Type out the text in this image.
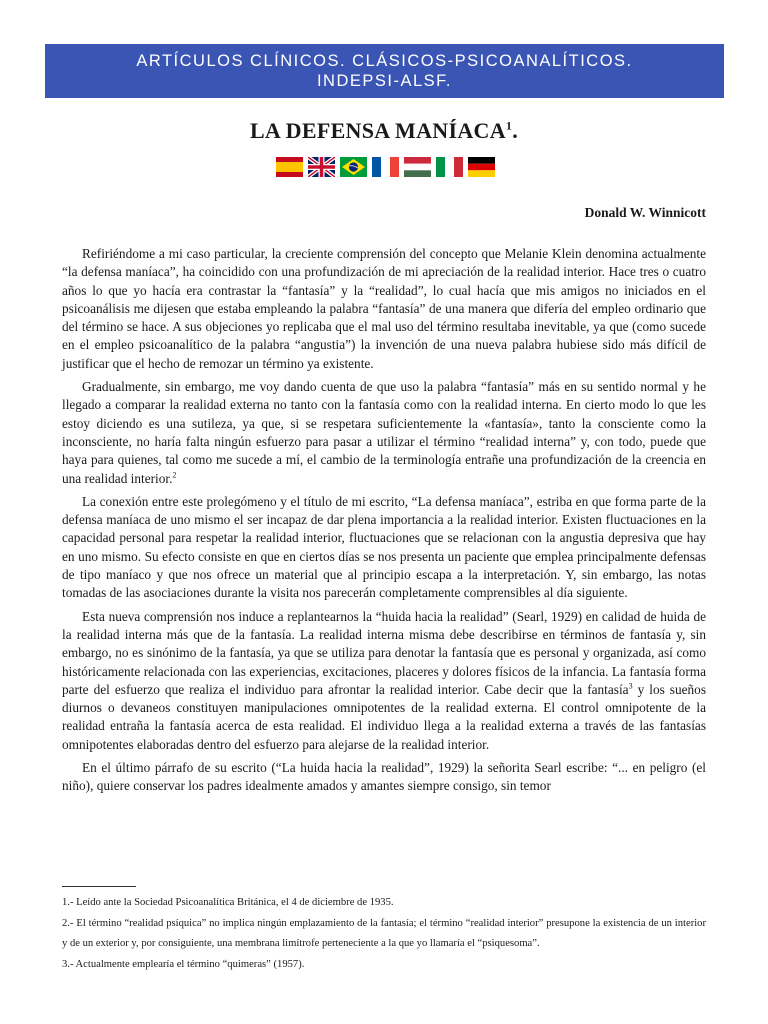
ARTÍCULOS CLÍNICOS. CLÁSICOS-PSICOANALÍTICOS.
INDEPSI-ALSF.
LA DEFENSA MANÍACA$^1$.
Donald W. Winnicott

Refiriéndome a mi caso particular, la creciente comprensión del concepto que Melanie Klein denomina actualmente “la defensa maníaca”, ha coincidido con una profundización de mi apreciación de la realidad interior. Hace tres o cuatro años lo que yo hacía era contrastar la “fantasía” y la “realidad”, lo cual hacía que mis amigos no iniciados en el psicoanálisis me dijesen que estaba empleando la palabra “fantasía” de una manera que difería del empleo ordinario que del término se hace. A sus objeciones yo replicaba que el mal uso del término resultaba inevitable, ya que (como sucede en el empleo psicoanalítico de la palabra “angustia”) la invención de una nueva palabra hubiese sido más difícil de justificar que el hecho de remozar un término ya existente.

Gradualmente, sin embargo, me voy dando cuenta de que uso la palabra “fantasía” más en su sentido normal y he llegado a comparar la realidad externa no tanto con la fantasía como con la realidad interna. En cierto modo lo que les estoy diciendo es una sutileza, ya que, si se respetara suficientemente la «fantasía», tanto la consciente como la inconsciente, no haría falta ningún esfuerzo para pasar a utilizar el término “realidad interna” y, con todo, puede que haya para quienes, tal como me sucede a mí, el cambio de la terminología entrañe una profundización de la creencia en una realidad interior.$^2$

La conexión entre este prolegómeno y el título de mi escrito, “La defensa maníaca”, estriba en que forma parte de la defensa maníaca de uno mismo el ser incapaz de dar plena importancia a la realidad interior. Existen fluctuaciones en la capacidad personal para respetar la realidad interior, fluctuaciones que se relacionan con la angustia depresiva que hay en uno mismo. Su efecto consiste en que en ciertos días se nos presenta un paciente que emplea principalmente defensas de tipo maníaco y que nos ofrece un material que al principio escapa a la interpretación. Y, sin embargo, las notas tomadas de las asociaciones durante la visita nos parecerán completamente comprensibles al día siguiente.

Esta nueva comprensión nos induce a replantearnos la “huida hacia la realidad” (Searl, 1929) en calidad de huida de la realidad interna más que de la fantasía. La realidad interna misma debe describirse en términos de fantasía y, sin embargo, no es sinónimo de la fantasía, ya que se utiliza para denotar la fantasía que es personal y organizada, así como históricamente relacionada con las experiencias, excitaciones, placeres y dolores físicos de la infancia. La fantasía forma parte del esfuerzo que realiza el individuo para afrontar la realidad interior. Cabe decir que la fantasía$^3$ y los sueños diurnos o devaneos constituyen manipulaciones omnipotentes de la realidad externa. El control omnipotente de la realidad entraña la fantasía acerca de esta realidad. El individuo llega a la realidad externa a través de las fantasías omnipotentes elaboradas dentro del esfuerzo para alejarse de la realidad interior.

En el último párrafo de su escrito (“La huida hacia la realidad”, 1929) la señorita Searl escribe: “... en peligro (el niño), quiere conservar los padres idealmente amados y amantes siempre consigo, sin temor

1.- Leído ante la Sociedad Psicoanalítica Británica, el 4 de diciembre de 1935.

2.- El término “realidad psíquica” no implica ningún emplazamiento de la fantasía; el término “realidad interior” presupone la existencia de un interior y de un exterior y, por consiguiente, una membrana limítrofe perteneciente a la que yo llamaría el “psiquesoma”.

3.- Actualmente emplearía el término “quimeras” (1957).
